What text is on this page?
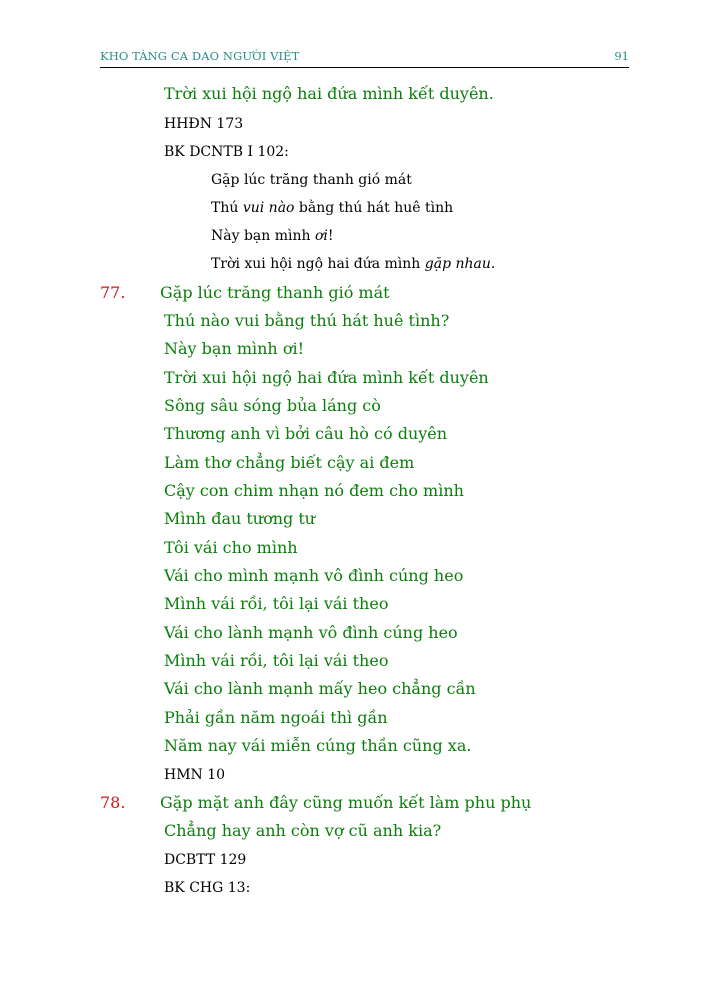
KHO TÀNG CA DAO NGƯỜI VIỆT	91
Trời xui hội ngộ hai đứa mình kết duyên.
HHĐN 173
BK DCNTB I 102:
Gặp lúc trăng thanh gió mát
Thú vui nào bằng thú hát huê tình
Này bạn mình ơi!
Trời xui hội ngộ hai đứa mình gặp nhau.
77. Gặp lúc trăng thanh gió mát
Thú nào vui bằng thú hát huê tình?
Này bạn mình ơi!
Trời xui hội ngộ hai đứa mình kết duyên
Sông sâu sóng bủa láng cò
Thương anh vì bởi câu hò có duyên
Làm thơ chẳng biết cậy ai đem
Cậy con chim nhạn nó đem cho mình
Mình đau tương tư
Tôi vái cho mình
Vái cho mình mạnh vô đình cúng heo
Mình vái rồi, tôi lại vái theo
Vái cho lành mạnh vô đình cúng heo
Mình vái rồi, tôi lại vái theo
Vái cho lành mạnh mấy heo chẳng cần
Phải gần năm ngoái thì gần
Năm nay vái miễn cúng thần cũng xa.
HMN 10
78. Gặp mặt anh đây cũng muốn kết làm phu phụ
Chẳng hay anh còn vợ cũ anh kia?
DCBTT 129
BK CHG 13:
